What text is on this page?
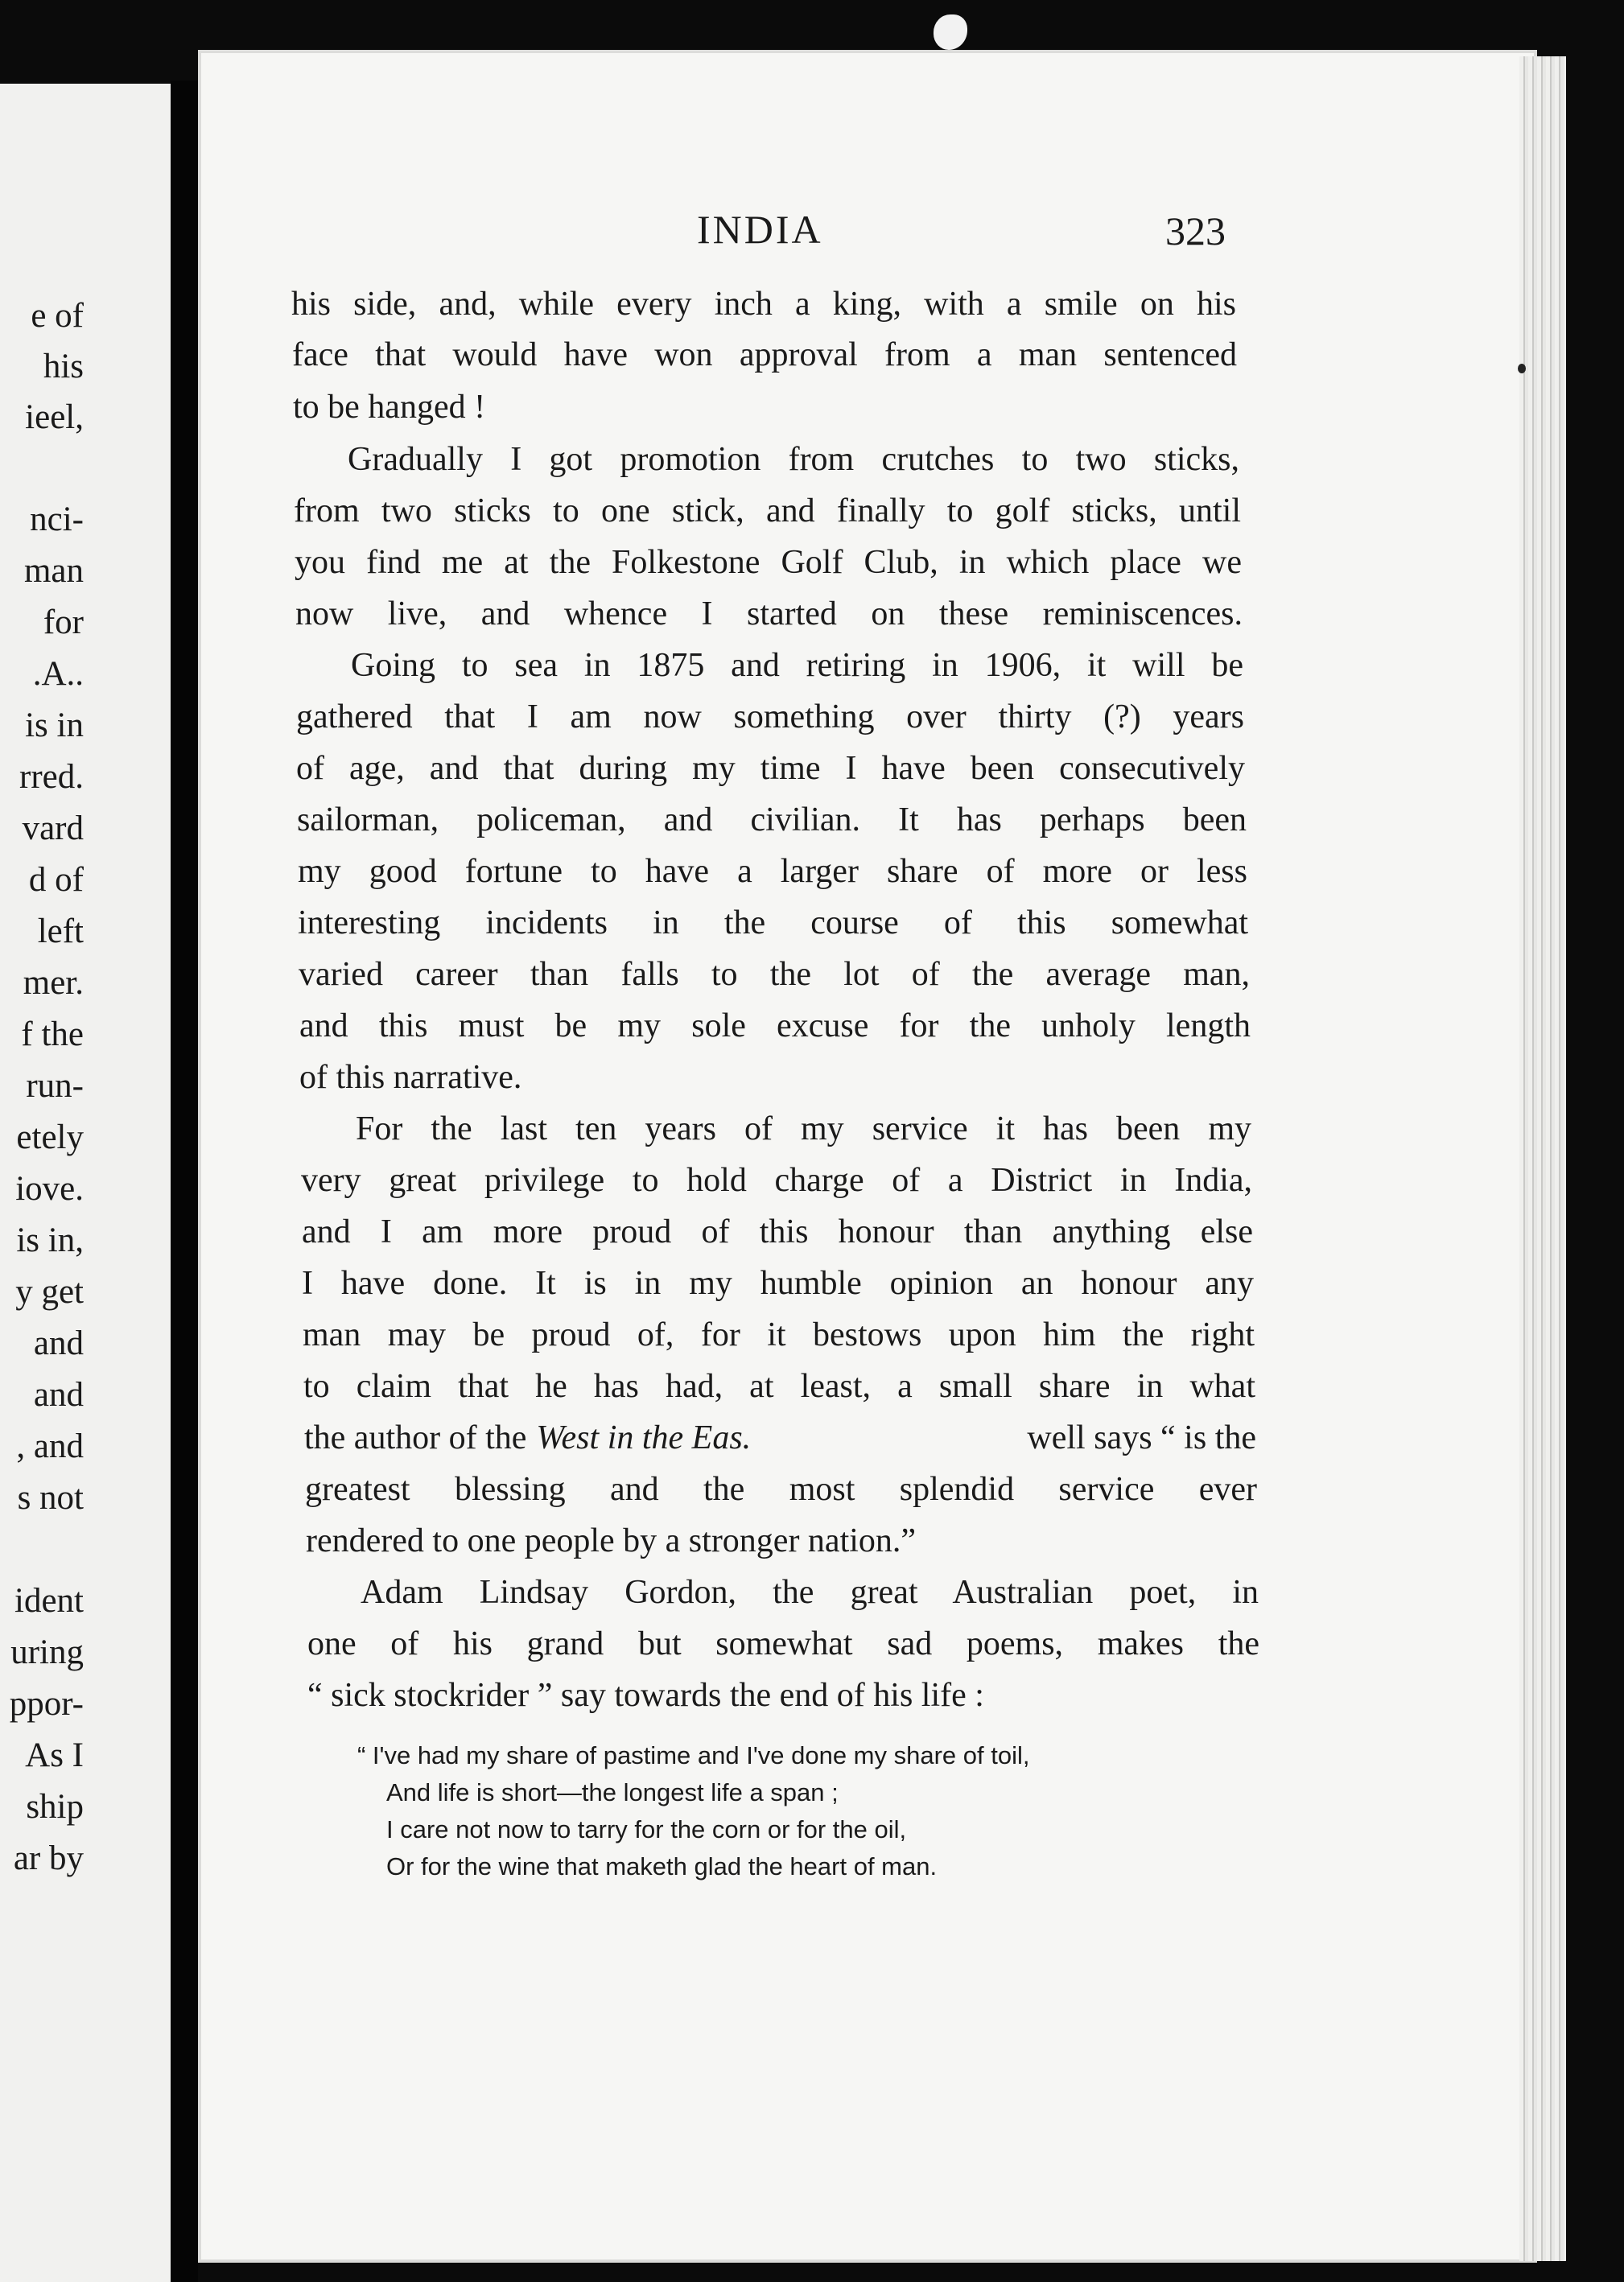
e of
his
ieel,
nci-
man
for
.A..
is in
rred.
vard
d of
left
mer.
f the
run-
etely
iove.
is in,
y get
and
and
, and
s not
ident
uring
ppor-
As I
ship
ar by
INDIA	323
his side, and, while every inch a king, with a smile on his
face that would have won approval from a man sentenced
to be hanged !
Gradually I got promotion from crutches to two sticks,
from two sticks to one stick, and finally to golf sticks, until
you find me at the Folkestone Golf Club, in which place we
now live, and whence I started on these reminiscences.
Going to sea in 1875 and retiring in 1906, it will be
gathered that I am now something over thirty (?) years
of age, and that during my time I have been consecutively
sailorman, policeman, and civilian. It has perhaps been
my good fortune to have a larger share of more or less
interesting incidents in the course of this somewhat
varied career than falls to the lot of the average man,
and this must be my sole excuse for the unholy length
of this narrative.
For the last ten years of my service it has been my
very great privilege to hold charge of a District in India,
and I am more proud of this honour than anything else
I have done. It is in my humble opinion an honour any
man may be proud of, for it bestows upon him the right
to claim that he has had, at least, a small share in what
the author of the West in the Eas.	well says “ is the
greatest blessing and the most splendid service ever
rendered to one people by a stronger nation.”
Adam Lindsay Gordon, the great Australian poet, in
one of his grand but somewhat sad poems, makes the
“ sick stockrider ” say towards the end of his life :
“ I've had my share of pastime and I've done my share of toil,
And life is short—the longest life a span ;
I care not now to tarry for the corn or for the oil,
Or for the wine that maketh glad the heart of man.
